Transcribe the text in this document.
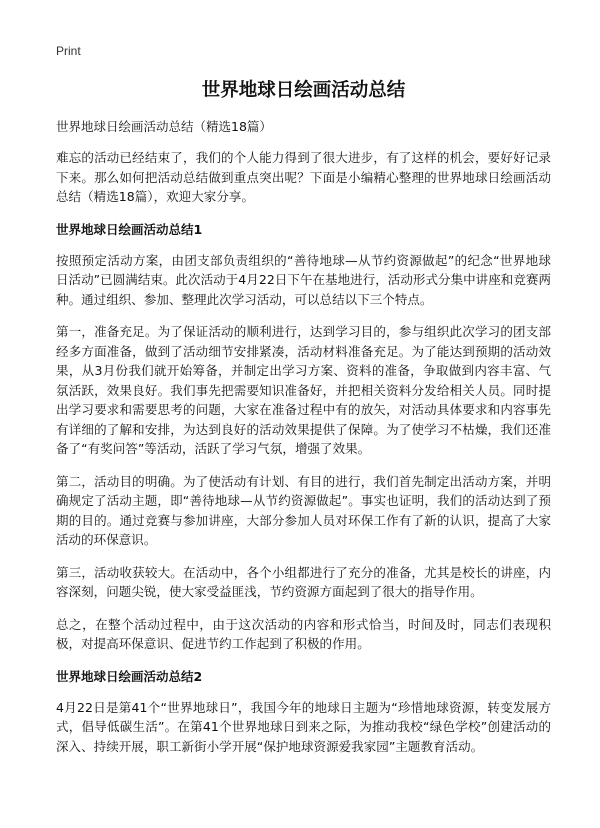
Print
世界地球日绘画活动总结

世界地球日绘画活动总结（精选18篇）

难忘的活动已经结束了，我们的个人能力得到了很大进步，有了这样的机会，要好好记录下来。那么如何把活动总结做到重点突出呢？下面是小编精心整理的世界地球日绘画活动总结（精选18篇），欢迎大家分享。

世界地球日绘画活动总结1

按照预定活动方案，由团支部负责组织的“善待地球—从节约资源做起”的纪念“世界地球日活动”已圆满结束。此次活动于4月22日下午在基地进行，活动形式分集中讲座和竞赛两种。通过组织、参加、整理此次学习活动，可以总结以下三个特点。

第一，准备充足。为了保证活动的顺利进行，达到学习目的，参与组织此次学习的团支部经多方面准备，做到了活动细节安排紧凑，活动材料准备充足。为了能达到预期的活动效果，从3月份我们就开始筹备，并制定出学习方案、资料的准备，争取做到内容丰富、气氛活跃，效果良好。我们事先把需要知识准备好，并把相关资料分发给相关人员。同时提出学习要求和需要思考的问题，大家在准备过程中有的放矢，对活动具体要求和内容事先有详细的了解和安排，为达到良好的活动效果提供了保障。为了使学习不枯燥，我们还准备了“有奖问答”等活动，活跃了学习气氛，增强了效果。

第二，活动目的明确。为了使活动有计划、有目的进行，我们首先制定出活动方案，并明确规定了活动主题，即“善待地球—从节约资源做起”。事实也证明，我们的活动达到了预期的目的。通过竞赛与参加讲座，大部分参加人员对环保工作有了新的认识，提高了大家活动的环保意识。

第三，活动收获较大。在活动中，各个小组都进行了充分的准备，尤其是校长的讲座，内容深刻，问题尖锐，使大家受益匪浅，节约资源方面起到了很大的指导作用。

总之，在整个活动过程中，由于这次活动的内容和形式恰当，时间及时，同志们表现积极，对提高环保意识、促进节约工作起到了积极的作用。

世界地球日绘画活动总结2

4月22日是第41个“世界地球日”，我国今年的地球日主题为“珍惜地球资源，转变发展方式，倡导低碳生活”。在第41个世界地球日到来之际，为推动我校“绿色学校”创建活动的深入、持续开展，职工新街小学开展“保护地球资源爱我家园”主题教育活动。
